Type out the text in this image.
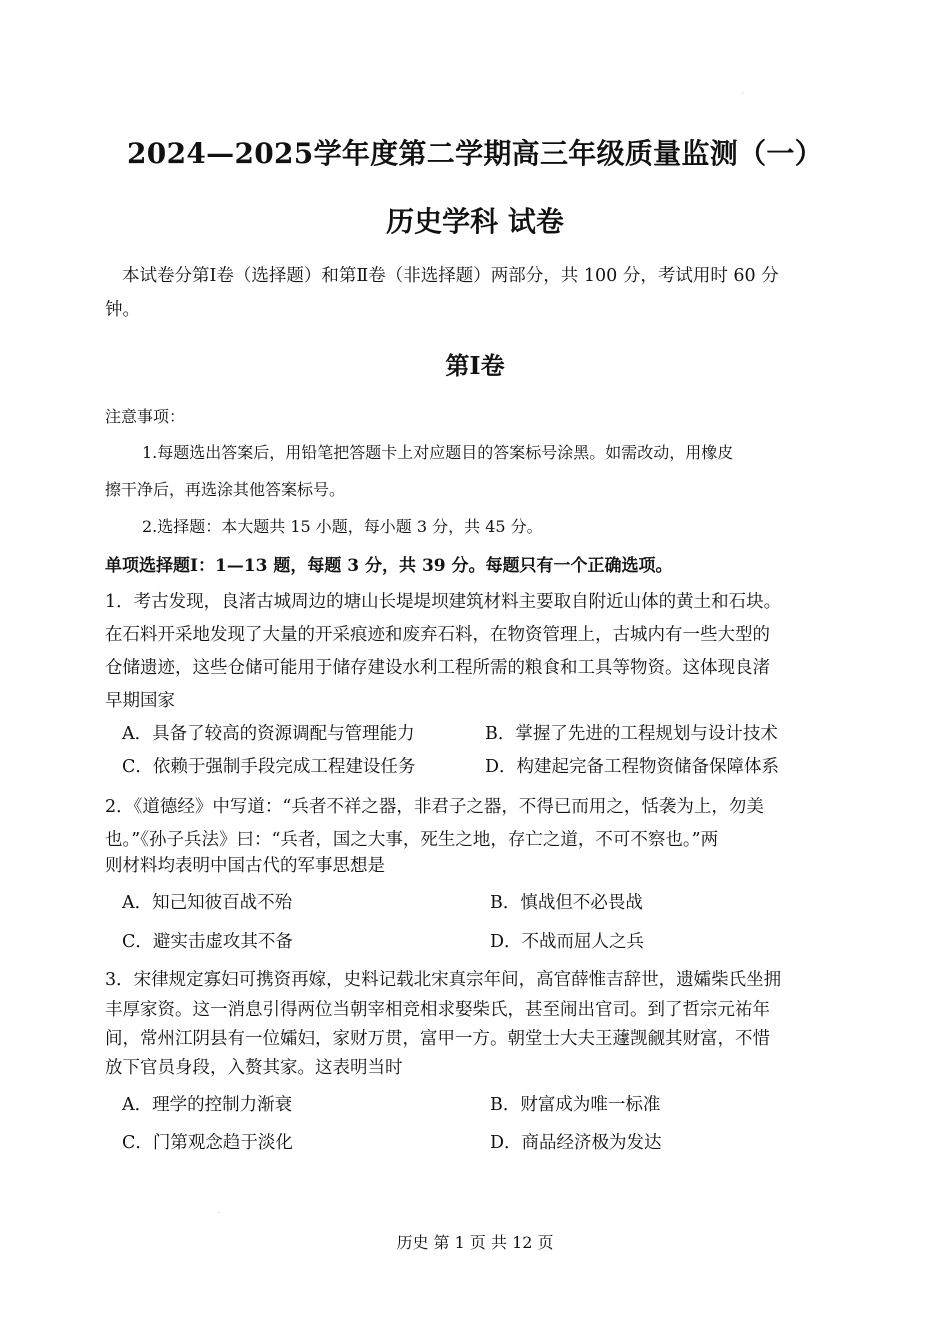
2024—2025学年度第二学期高三年级质量监测（一）
历史学科 试卷
本试卷分第Ⅰ卷（选择题）和第Ⅱ卷（非选择题）两部分，共 100 分，考试用时 60 分
钟。
第Ⅰ卷
注意事项：
1.每题选出答案后，用铅笔把答题卡上对应题目的答案标号涂黑。如需改动，用橡皮
擦干净后，再选涂其他答案标号。
2.选择题：本大题共 15 小题，每小题 3 分，共 45 分。
单项选择题Ⅰ：1—13 题，每题 3 分，共 39 分。每题只有一个正确选项。
1．考古发现，良渚古城周边的塘山长堤堤坝建筑材料主要取自附近山体的黄土和石块。
在石料开采地发现了大量的开采痕迹和废弃石料，在物资管理上，古城内有一些大型的
仓储遗迹，这些仓储可能用于储存建设水利工程所需的粮食和工具等物资。这体现良渚
早期国家
A．具备了较高的资源调配与管理能力	B．掌握了先进的工程规划与设计技术
C．依赖于强制手段完成工程建设任务	D．构建起完备工程物资储备保障体系
2．《道德经》中写道：“兵者不祥之器，非君子之器，不得已而用之，恬袭为上，勿美
也。”《孙子兵法》曰：“兵者，国之大事，死生之地，存亡之道，不可不察也。”两
则材料均表明中国古代的军事思想是
A．知己知彼百战不殆	B．慎战但不必畏战
C．避实击虚攻其不备	D．不战而屈人之兵
3．宋律规定寡妇可携资再嫁，史料记载北宋真宗年间，高官薛惟吉辞世，遗孀柴氏坐拥
丰厚家资。这一消息引得两位当朝宰相竞相求娶柴氏，甚至闹出官司。到了哲宗元祐年
间，常州江阴县有一位孀妇，家财万贯，富甲一方。朝堂士大夫王蘧觊觎其财富，不惜
放下官员身段，入赘其家。这表明当时
A．理学的控制力渐衰	B．财富成为唯一标准
C．门第观念趋于淡化	D．商品经济极为发达
历史 第 1 页 共 12 页
·
·
